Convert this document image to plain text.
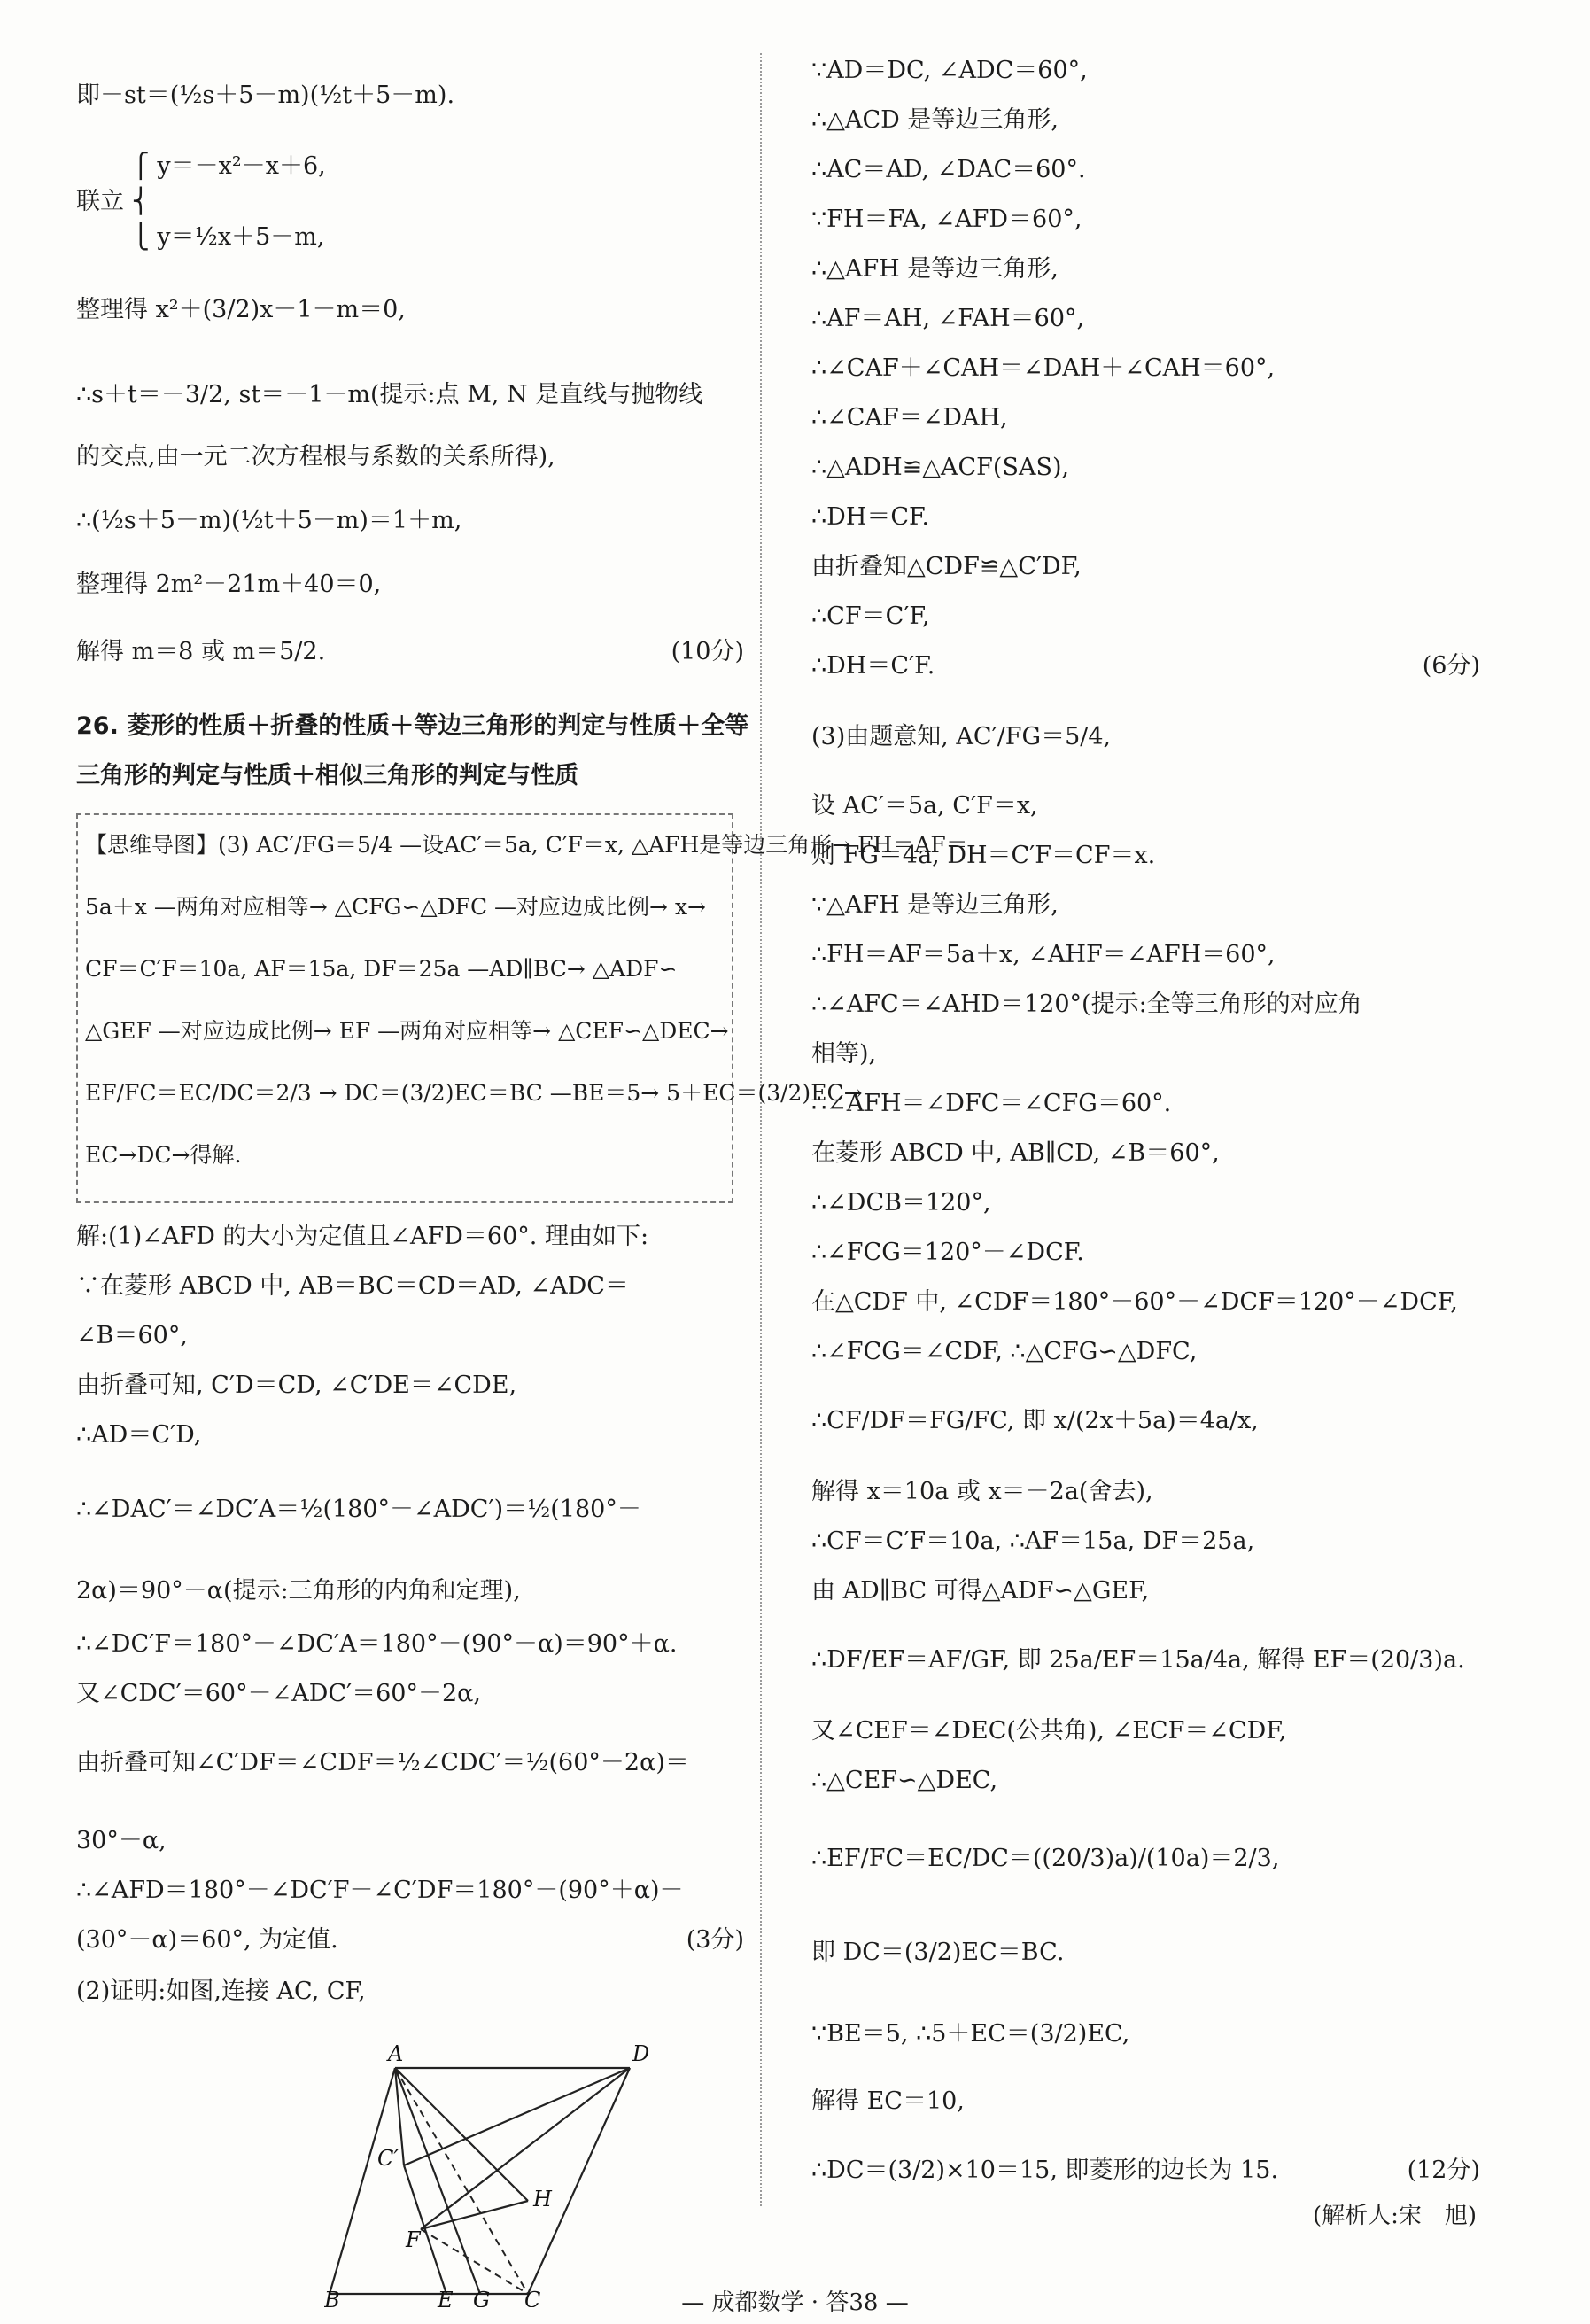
即－st＝(½s＋5－m)(½t＋5－m).
　　 ⎧ y＝－x²－x＋6,
联立 ⎨
　　 ⎩ y＝½x＋5－m,
整理得 x²＋(3/2)x－1－m＝0,
∴s＋t＝－3/2, st＝－1－m(提示:点 M, N 是直线与抛物线
的交点,由一元二次方程根与系数的关系所得),
∴(½s＋5－m)(½t＋5－m)＝1＋m,
整理得 2m²－21m＋40＝0,
解得 m＝8 或 m＝5/2.	(10分)
26. 菱形的性质＋折叠的性质＋等边三角形的判定与性质＋全等
三角形的判定与性质＋相似三角形的判定与性质
【思维导图】(3) AC′/FG＝5/4 —设AC′＝5a, C′F＝x, △AFH是等边三角形→ FH＝AF＝
5a＋x —两角对应相等→ △CFG∽△DFC —对应边成比例→ x→
CF＝C′F＝10a, AF＝15a, DF＝25a —AD∥BC→ △ADF∽
△GEF —对应边成比例→ EF —两角对应相等→ △CEF∽△DEC→
EF/FC＝EC/DC＝2/3 → DC＝(3/2)EC＝BC —BE＝5→ 5＋EC＝(3/2)EC→
EC→DC→得解.
解:(1)∠AFD 的大小为定值且∠AFD＝60°. 理由如下:
∵在菱形 ABCD 中, AB＝BC＝CD＝AD, ∠ADC＝
∠B＝60°,
由折叠可知, C′D＝CD, ∠C′DE＝∠CDE,
∴AD＝C′D,
∴∠DAC′＝∠DC′A＝½(180°－∠ADC′)＝½(180°－
2α)＝90°－α(提示:三角形的内角和定理),
∴∠DC′F＝180°－∠DC′A＝180°－(90°－α)＝90°＋α.
又∠CDC′＝60°－∠ADC′＝60°－2α,
由折叠可知∠C′DF＝∠CDF＝½∠CDC′＝½(60°－2α)＝
30°－α,
∴∠AFD＝180°－∠DC′F－∠C′DF＝180°－(90°＋α)－
(30°－α)＝60°, 为定值.
(2)证明:如图,连接 AC, CF,
(3分)
A	D
C′
H
F
B	E G C
∵AD＝DC, ∠ADC＝60°,
∴△ACD 是等边三角形,
∴AC＝AD, ∠DAC＝60°.
∵FH＝FA, ∠AFD＝60°,
∴△AFH 是等边三角形,
∴AF＝AH, ∠FAH＝60°,
∴∠CAF＋∠CAH＝∠DAH＋∠CAH＝60°,
∴∠CAF＝∠DAH,
∴△ADH≌△ACF(SAS),
∴DH＝CF.
由折叠知△CDF≌△C′DF,
∴CF＝C′F,
∴DH＝C′F.
(3)由题意知, AC′/FG＝5/4,
设 AC′＝5a, C′F＝x,
则 FG＝4a, DH＝C′F＝CF＝x.
∵△AFH 是等边三角形,
∴FH＝AF＝5a＋x, ∠AHF＝∠AFH＝60°,
∴∠AFC＝∠AHD＝120°(提示:全等三角形的对应角
相等),
∴∠AFH＝∠DFC＝∠CFG＝60°.
在菱形 ABCD 中, AB∥CD, ∠B＝60°,
∴∠DCB＝120°,
∴∠FCG＝120°－∠DCF.
在△CDF 中, ∠CDF＝180°－60°－∠DCF＝120°－∠DCF,
∴∠FCG＝∠CDF, ∴△CFG∽△DFC,
∴CF/DF＝FG/FC, 即 x/(2x＋5a)＝4a/x,
解得 x＝10a 或 x＝－2a(舍去),
∴CF＝C′F＝10a, ∴AF＝15a, DF＝25a,
由 AD∥BC 可得△ADF∽△GEF,
∴DF/EF＝AF/GF, 即 25a/EF＝15a/4a, 解得 EF＝(20/3)a.
又∠CEF＝∠DEC(公共角), ∠ECF＝∠CDF,
∴△CEF∽△DEC,
∴EF/FC＝EC/DC＝((20/3)a)/(10a)＝2/3,
即 DC＝(3/2)EC＝BC.
∵BE＝5, ∴5＋EC＝(3/2)EC,
解得 EC＝10,
∴DC＝(3/2)×10＝15, 即菱形的边长为 15.
(6分)
(12分)
(解析人:宋　旭)
— 成都数学 · 答38 —
